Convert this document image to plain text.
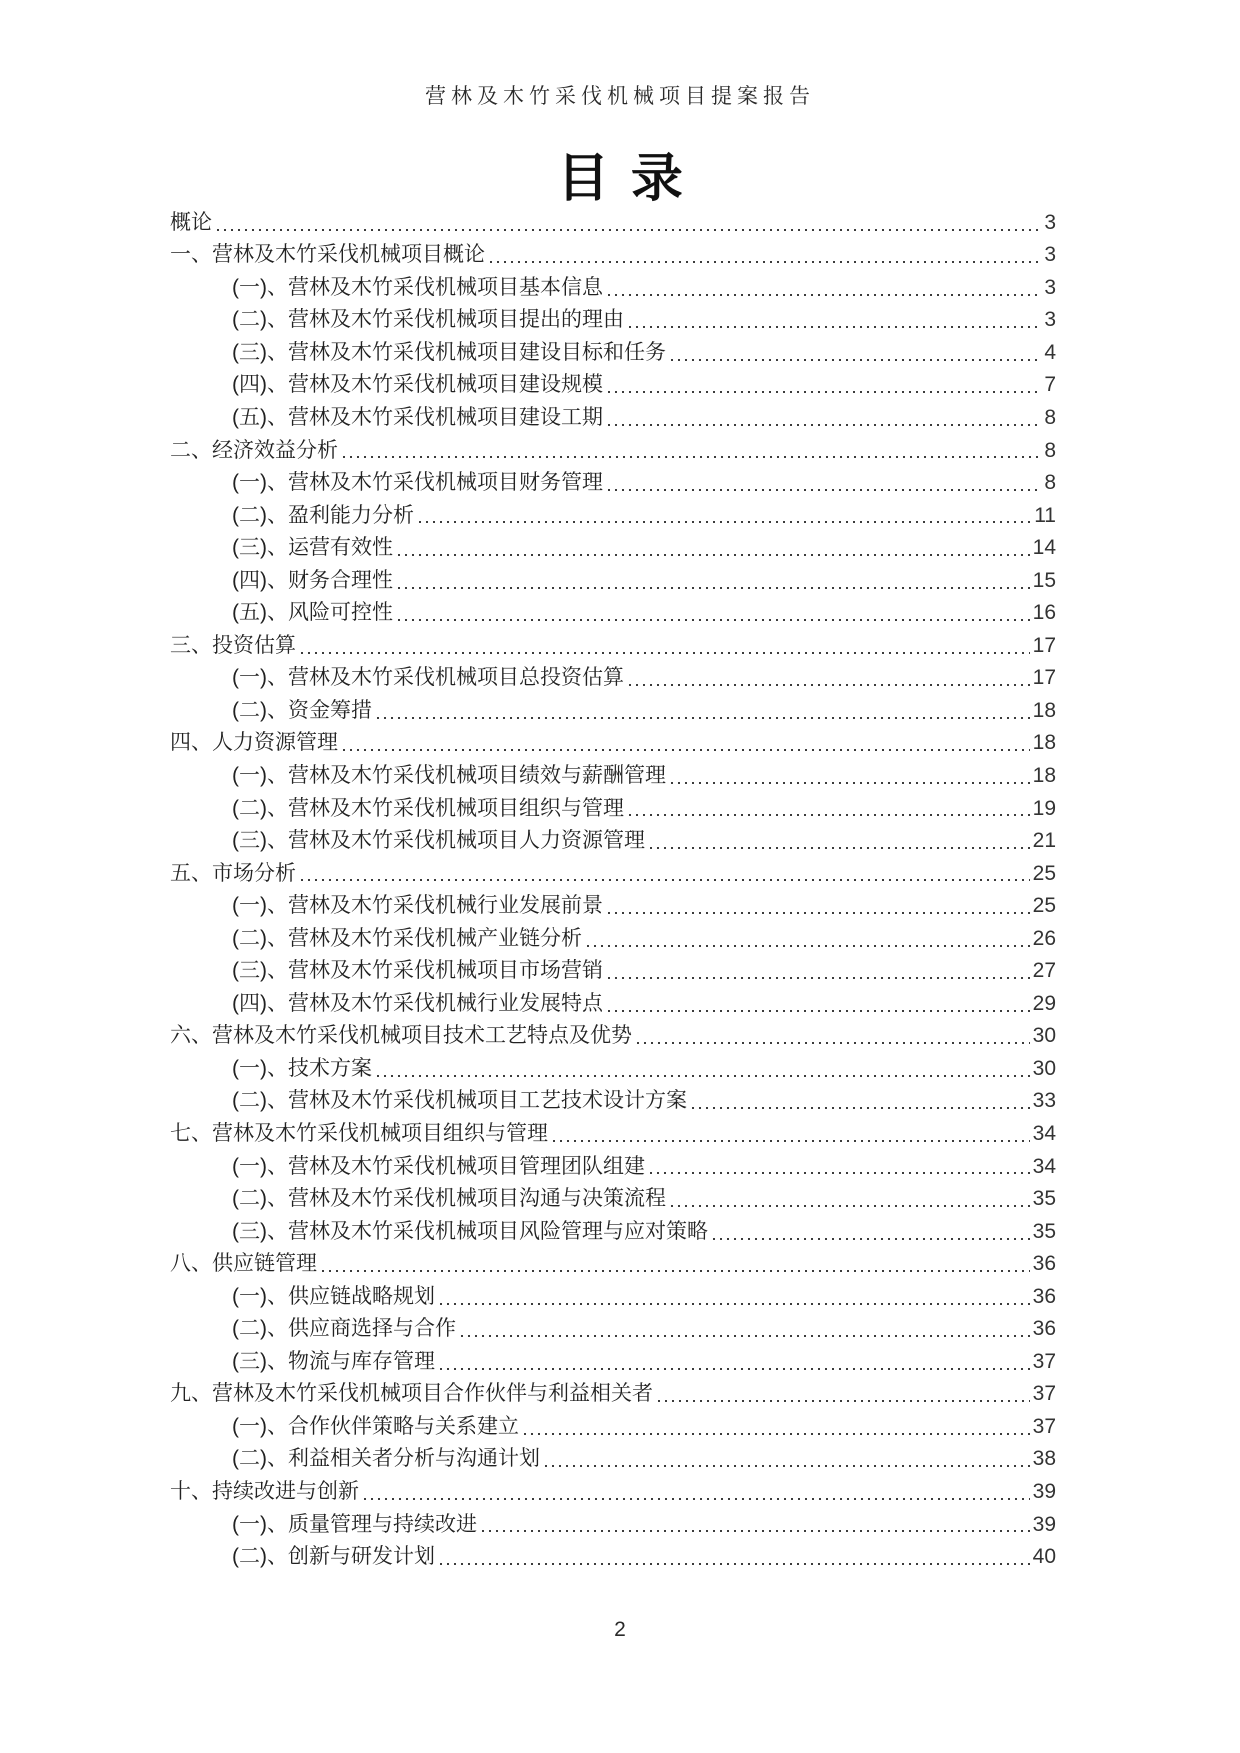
营林及木竹采伐机械项目提案报告
目录
概论	3
一、营林及木竹采伐机械项目概论	3
(一)、营林及木竹采伐机械项目基本信息	3
(二)、营林及木竹采伐机械项目提出的理由	3
(三)、营林及木竹采伐机械项目建设目标和任务	4
(四)、营林及木竹采伐机械项目建设规模	7
(五)、营林及木竹采伐机械项目建设工期	8
二、经济效益分析	8
(一)、营林及木竹采伐机械项目财务管理	8
(二)、盈利能力分析	11
(三)、运营有效性	14
(四)、财务合理性	15
(五)、风险可控性	16
三、投资估算	17
(一)、营林及木竹采伐机械项目总投资估算	17
(二)、资金筹措	18
四、人力资源管理	18
(一)、营林及木竹采伐机械项目绩效与薪酬管理	18
(二)、营林及木竹采伐机械项目组织与管理	19
(三)、营林及木竹采伐机械项目人力资源管理	21
五、市场分析	25
(一)、营林及木竹采伐机械行业发展前景	25
(二)、营林及木竹采伐机械产业链分析	26
(三)、营林及木竹采伐机械项目市场营销	27
(四)、营林及木竹采伐机械行业发展特点	29
六、营林及木竹采伐机械项目技术工艺特点及优势	30
(一)、技术方案	30
(二)、营林及木竹采伐机械项目工艺技术设计方案	33
七、营林及木竹采伐机械项目组织与管理	34
(一)、营林及木竹采伐机械项目管理团队组建	34
(二)、营林及木竹采伐机械项目沟通与决策流程	35
(三)、营林及木竹采伐机械项目风险管理与应对策略	35
八、供应链管理	36
(一)、供应链战略规划	36
(二)、供应商选择与合作	36
(三)、物流与库存管理	37
九、营林及木竹采伐机械项目合作伙伴与利益相关者	37
(一)、合作伙伴策略与关系建立	37
(二)、利益相关者分析与沟通计划	38
十、持续改进与创新	39
(一)、质量管理与持续改进	39
(二)、创新与研发计划	40
2
